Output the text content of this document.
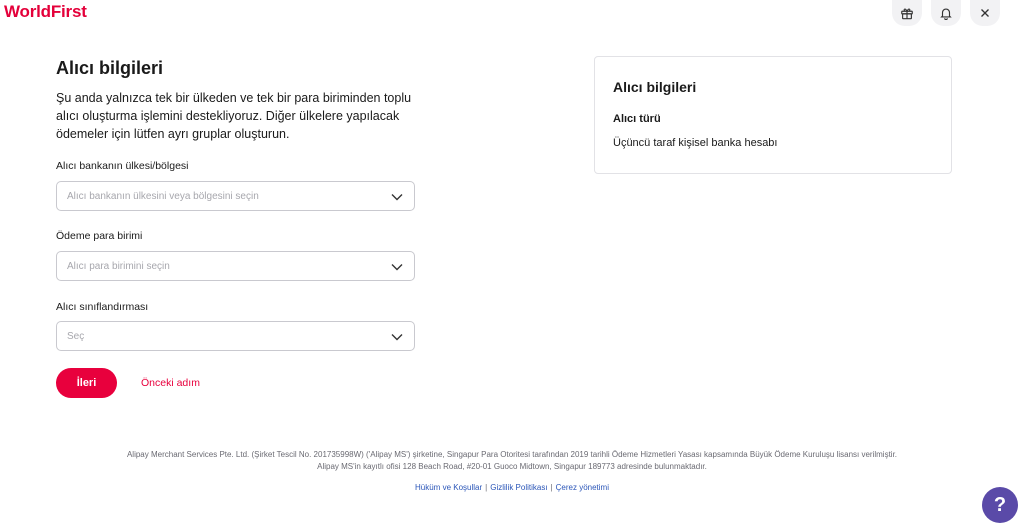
WorldFirst
Alıcı bilgileri
Şu anda yalnızca tek bir ülkeden ve tek bir para biriminden toplu alıcı oluşturma işlemini destekliyoruz. Diğer ülkelere yapılacak ödemeler için lütfen ayrı gruplar oluşturun.
Alıcı bankanın ülkesi/bölgesi
Alıcı bankanın ülkesini veya bölgesini seçin
Ödeme para birimi
Alıcı para birimini seçin
Alıcı sınıflandırması
Seç
İleri	Önceki adım
Alıcı bilgileri
Alıcı türü
Üçüncü taraf kişisel banka hesabı
Alipay Merchant Services Pte. Ltd. (Şirket Tescil No. 201735998W) ('Alipay MS') şirketine, Singapur Para Otoritesi tarafından 2019 tarihli Ödeme Hizmetleri Yasası kapsamında Büyük Ödeme Kuruluşu lisansı verilmiştir.
Alipay MS'in kayıtlı ofisi 128 Beach Road, #20-01 Guoco Midtown, Singapur 189773 adresinde bulunmaktadır.
Hüküm ve Koşullar | Gizlilik Politikası | Çerez yönetimi
?
